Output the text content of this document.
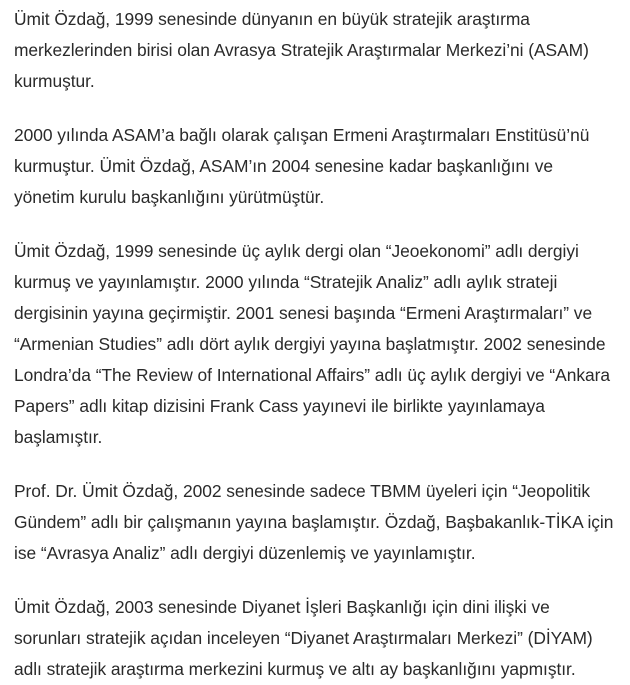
Ümit Özdağ, 1999 senesinde dünyanın en büyük stratejik araştırma merkezlerinden birisi olan Avrasya Stratejik Araştırmalar Merkezi’ni (ASAM) kurmuştur.

2000 yılında ASAM’a bağlı olarak çalışan Ermeni Araştırmaları Enstitüsü’nü kurmuştur. Ümit Özdağ, ASAM’ın 2004 senesine kadar başkanlığını ve yönetim kurulu başkanlığını yürütmüştür.

Ümit Özdağ, 1999 senesinde üç aylık dergi olan “Jeoekonomi” adlı dergiyi kurmuş ve yayınlamıştır. 2000 yılında “Stratejik Analiz” adlı aylık strateji dergisinin yayına geçirmiştir. 2001 senesi başında “Ermeni Araştırmaları” ve “Armenian Studies” adlı dört aylık dergiyi yayına başlatmıştır. 2002 senesinde Londra’da “The Review of International Affairs” adlı üç aylık dergiyi ve “Ankara Papers” adlı kitap dizisini Frank Cass yayınevi ile birlikte yayınlamaya başlamıştır.

Prof. Dr. Ümit Özdağ, 2002 senesinde sadece TBMM üyeleri için “Jeopolitik Gündem” adlı bir çalışmanın yayına başlamıştır. Özdağ, Başbakanlık-TİKA için ise “Avrasya Analiz” adlı dergiyi düzenlemiş ve yayınlamıştır.

Ümit Özdağ, 2003 senesinde Diyanet İşleri Başkanlığı için dini ilişki ve sorunları stratejik açıdan inceleyen “Diyanet Araştırmaları Merkezi” (DİYAM) adlı stratejik araştırma merkezini kurmuş ve altı ay başkanlığını yapmıştır.
